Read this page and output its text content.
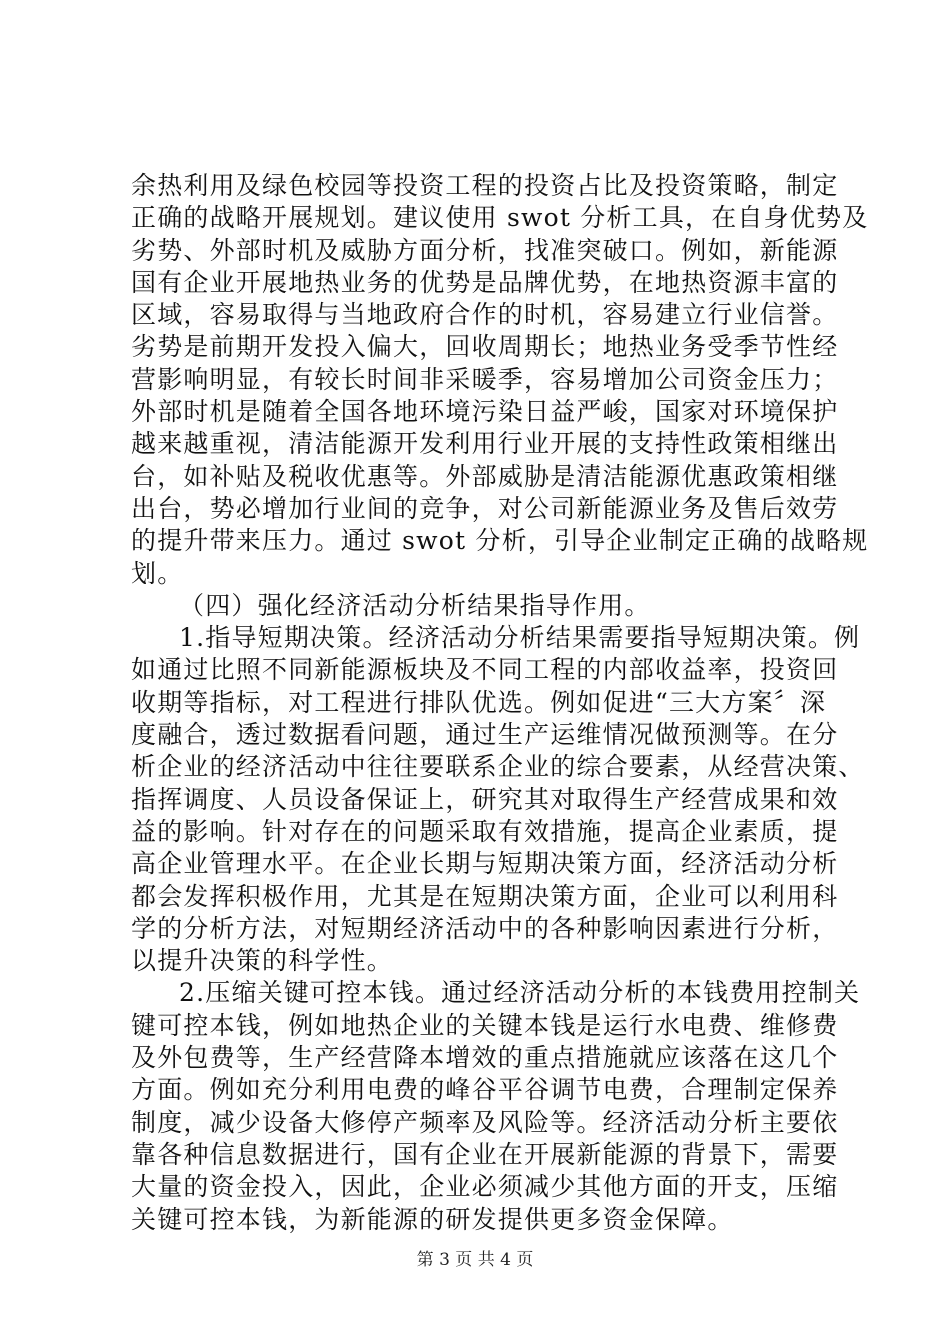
余热利用及绿色校园等投资工程的投资占比及投资策略，制定
正确的战略开展规划。建议使用 swot 分析工具，在自身优势及
劣势、外部时机及威胁方面分析，找准突破口。例如，新能源
国有企业开展地热业务的优势是品牌优势，在地热资源丰富的
区域，容易取得与当地政府合作的时机，容易建立行业信誉。
劣势是前期开发投入偏大，回收周期长；地热业务受季节性经
营影响明显，有较长时间非采暖季，容易增加公司资金压力；
外部时机是随着全国各地环境污染日益严峻，国家对环境保护
越来越重视，清洁能源开发利用行业开展的支持性政策相继出
台，如补贴及税收优惠等。外部威胁是清洁能源优惠政策相继
出台，势必增加行业间的竞争，对公司新能源业务及售后效劳
的提升带来压力。通过 swot 分析，引导企业制定正确的战略规
划。
（四）强化经济活动分析结果指导作用。
1.指导短期决策。经济活动分析结果需要指导短期决策。例
如通过比照不同新能源板块及不同工程的内部收益率，投资回
收期等指标，对工程进行排队优选。例如促进“三大方案〞深
度融合，透过数据看问题，通过生产运维情况做预测等。在分
析企业的经济活动中往往要联系企业的综合要素，从经营决策、
指挥调度、人员设备保证上，研究其对取得生产经营成果和效
益的影响。针对存在的问题采取有效措施，提高企业素质，提
高企业管理水平。在企业长期与短期决策方面，经济活动分析
都会发挥积极作用，尤其是在短期决策方面，企业可以利用科
学的分析方法，对短期经济活动中的各种影响因素进行分析，
以提升决策的科学性。
2.压缩关键可控本钱。通过经济活动分析的本钱费用控制关
键可控本钱，例如地热企业的关键本钱是运行水电费、维修费
及外包费等，生产经营降本增效的重点措施就应该落在这几个
方面。例如充分利用电费的峰谷平谷调节电费，合理制定保养
制度，减少设备大修停产频率及风险等。经济活动分析主要依
靠各种信息数据进行，国有企业在开展新能源的背景下，需要
大量的资金投入，因此，企业必须减少其他方面的开支，压缩
关键可控本钱，为新能源的研发提供更多资金保障。
第 3 页 共 4 页
